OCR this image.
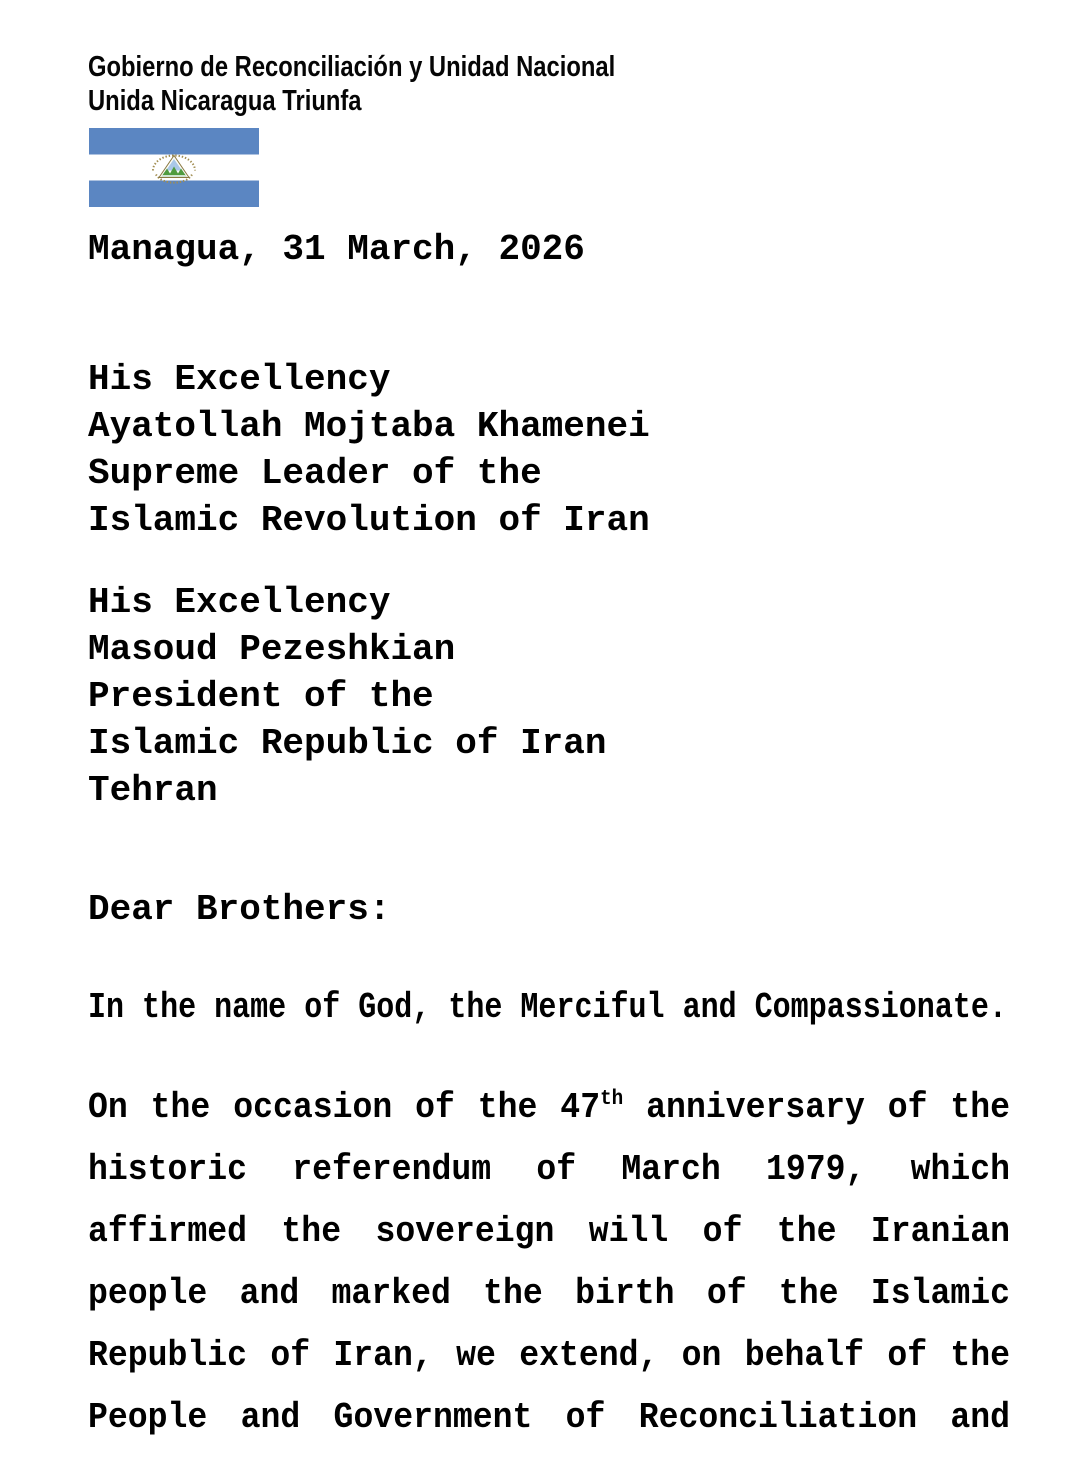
Gobierno de Reconciliación y Unidad Nacional
Unida Nicaragua Triunfa
Managua, 31 March, 2026
His Excellency
Ayatollah Mojtaba Khamenei
Supreme Leader of the
Islamic Revolution of Iran
His Excellency
Masoud Pezeshkian
President of the
Islamic Republic of Iran
Tehran
Dear Brothers:
In the name of God, the Merciful and Compassionate.
On the occasion of the 47th anniversary of the
historic referendum of March 1979, which
affirmed the sovereign will of the Iranian
people and marked the birth of the Islamic
Republic of Iran, we extend, on behalf of the
People and Government of Reconciliation and
